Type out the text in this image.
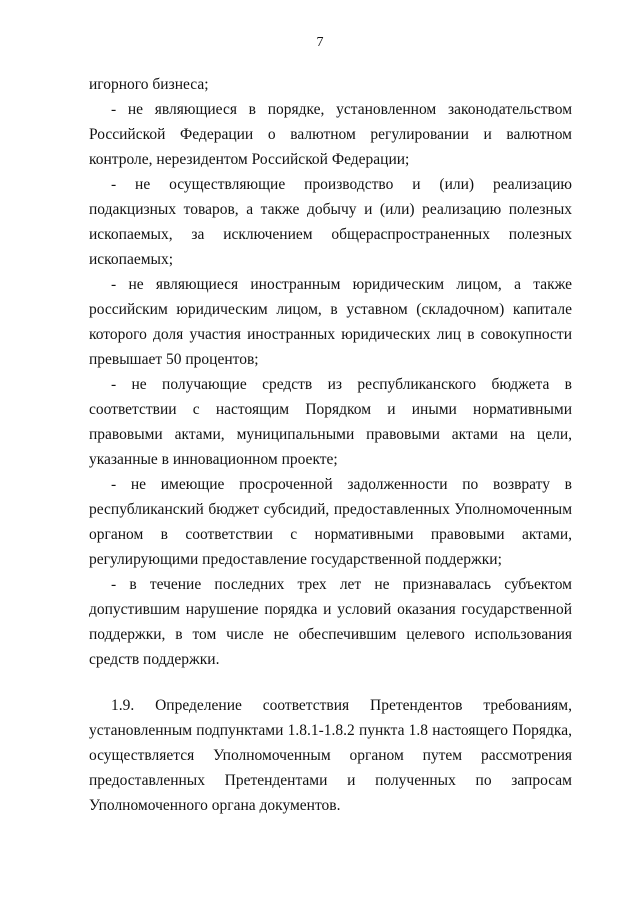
7

игорного бизнеса;

- не являющиеся в порядке, установленном законодательством Российской Федерации о валютном регулировании и валютном контроле, нерезидентом Российской Федерации;

- не осуществляющие производство и (или) реализацию подакцизных товаров, а также добычу и (или) реализацию полезных ископаемых, за исключением общераспространенных полезных ископаемых;

- не являющиеся иностранным юридическим лицом, а также российским юридическим лицом, в уставном (складочном) капитале которого доля участия иностранных юридических лиц в совокупности превышает 50 процентов;

- не получающие средств из республиканского бюджета в соответствии с настоящим Порядком и иными нормативными правовыми актами, муниципальными правовыми актами на цели, указанные в инновационном проекте;

- не имеющие просроченной задолженности по возврату в республиканский бюджет субсидий, предоставленных Уполномоченным органом в соответствии с нормативными правовыми актами, регулирующими предоставление государственной поддержки;

- в течение последних трех лет не признавалась субъектом допустившим нарушение порядка и условий оказания государственной поддержки, в том числе не обеспечившим целевого использования средств поддержки.

1.9. Определение соответствия Претендентов требованиям, установленным подпунктами 1.8.1-1.8.2 пункта 1.8 настоящего Порядка, осуществляется Уполномоченным органом путем рассмотрения предоставленных Претендентами и полученных по запросам Уполномоченного органа документов.
